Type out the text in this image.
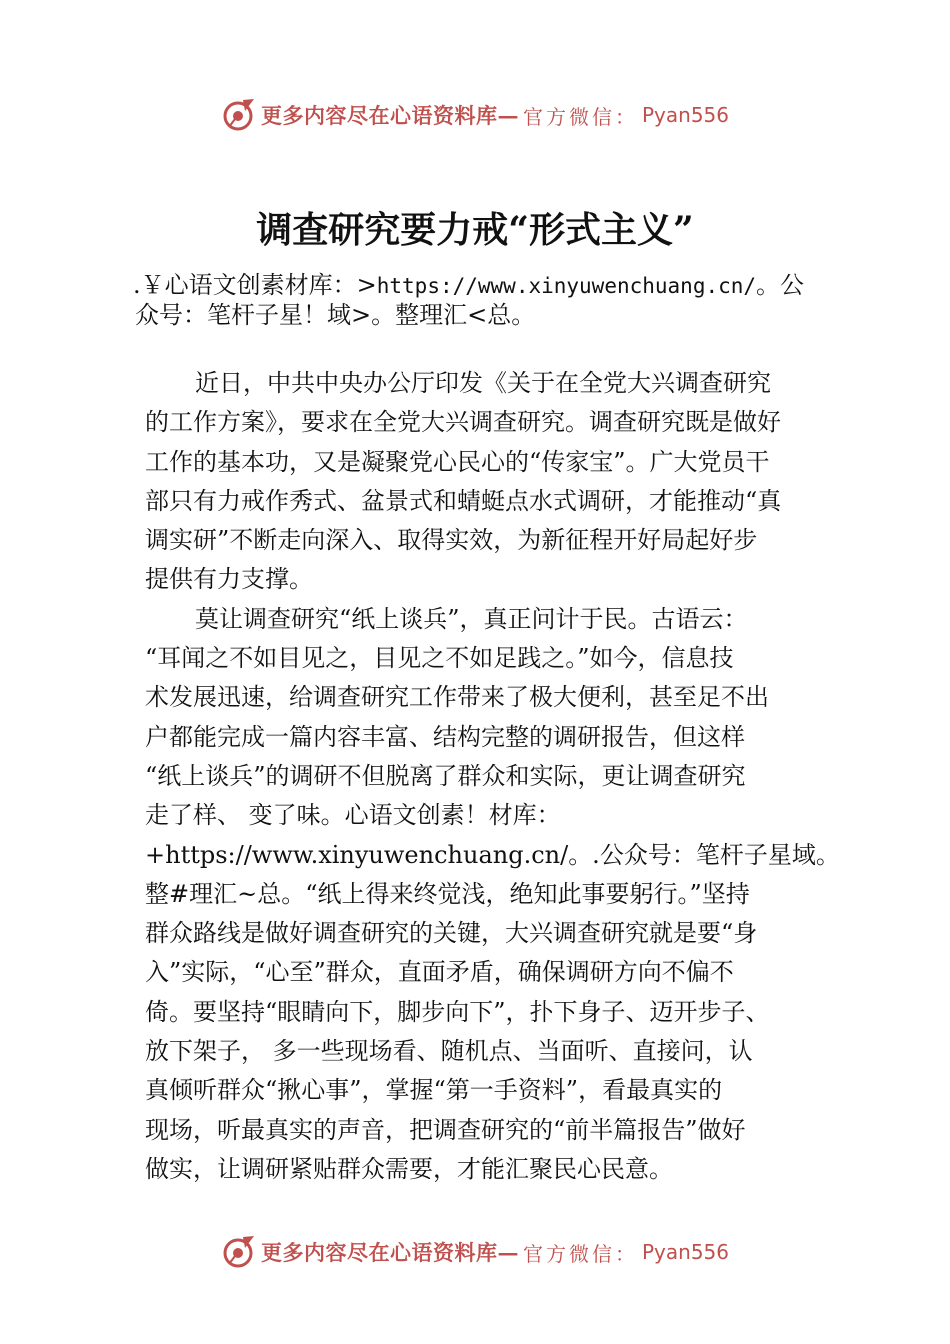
更多内容尽在心语资料库— 官方微信： Pyan556
调查研究要力戒“形式主义”
.￥心语文创素材库：>https://www.xinyuwenchuang.cn/。公
众号：笔杆子星！域>。整理汇<总。
近日，中共中央办公厅印发《关于在全党大兴调查研究
的工作方案》，要求在全党大兴调查研究。调查研究既是做好
工作的基本功，又是凝聚党心民心的“传家宝”。广大党员干
部只有力戒作秀式、盆景式和蜻蜓点水式调研，才能推动“真
调实研”不断走向深入、取得实效，为新征程开好局起好步
提供有力支撑。
莫让调查研究“纸上谈兵”，真正问计于民。古语云：
“耳闻之不如目见之，目见之不如足践之。”如今，信息技
术发展迅速，给调查研究工作带来了极大便利，甚至足不出
户都能完成一篇内容丰富、结构完整的调研报告，但这样
“纸上谈兵”的调研不但脱离了群众和实际，更让调查研究
走了样、 变了味。心语文创素！材库：
+https://www.xinyuwenchuang.cn/。.公众号：笔杆子星域。
整#理汇~总。“纸上得来终觉浅，绝知此事要躬行。”坚持
群众路线是做好调查研究的关键，大兴调查研究就是要“身
入”实际，“心至”群众，直面矛盾，确保调研方向不偏不
倚。要坚持“眼睛向下，脚步向下”，扑下身子、迈开步子、
放下架子， 多一些现场看、随机点、当面听、直接问，认
真倾听群众“揪心事”，掌握“第一手资料”，看最真实的
现场，听最真实的声音，把调查研究的“前半篇报告”做好
做实，让调研紧贴群众需要，才能汇聚民心民意。
更多内容尽在心语资料库— 官方微信： Pyan556
